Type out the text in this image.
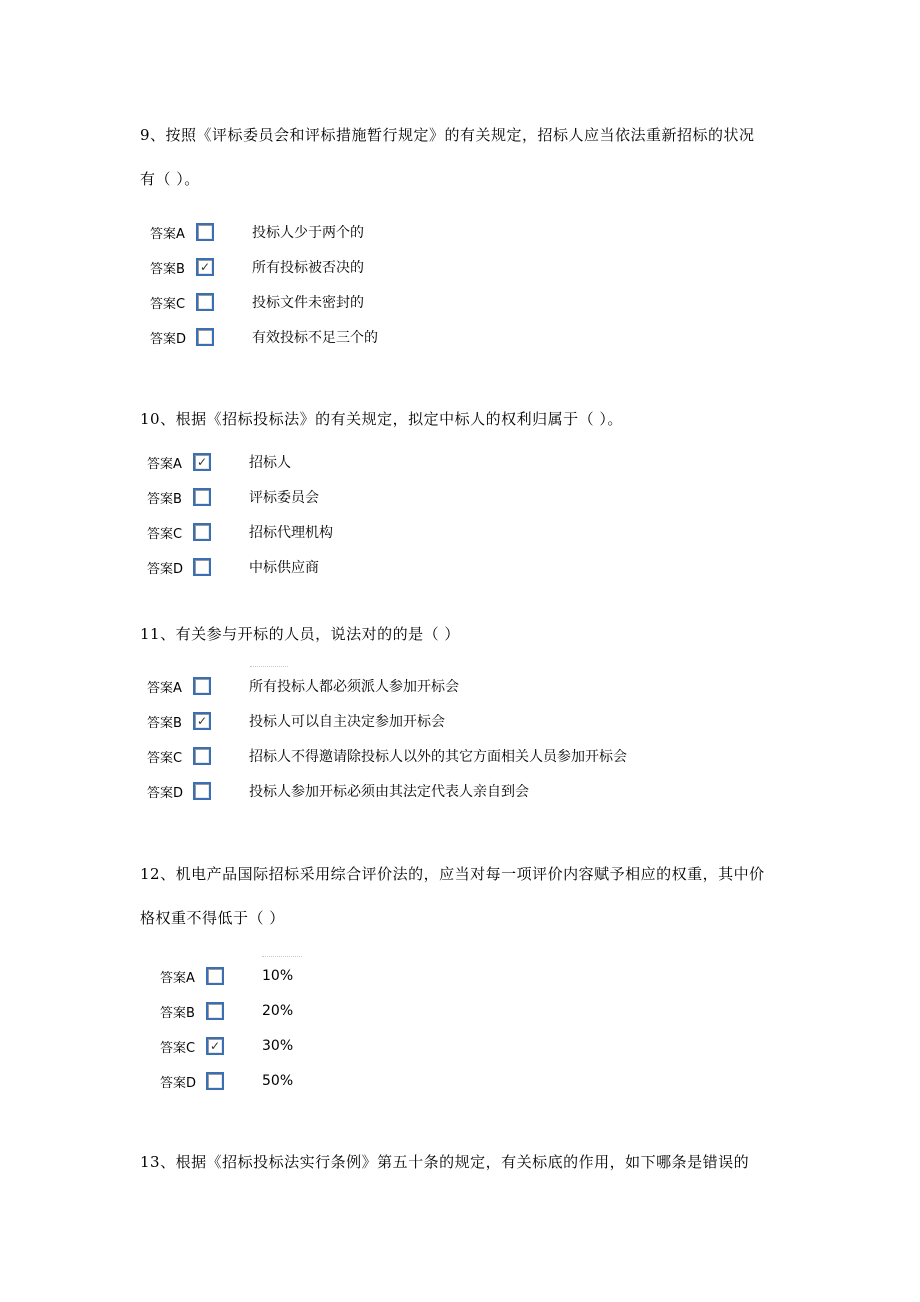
9、按照《评标委员会和评标措施暂行规定》的有关规定，招标人应当依法重新招标的状况
有（ ）。
答案A	投标人少于两个的
答案B	✓	所有投标被否决的
答案C	投标文件未密封的
答案D	有效投标不足三个的
10、根据《招标投标法》的有关规定，拟定中标人的权利归属于（ ）。
答案A	✓	招标人
答案B	评标委员会
答案C	招标代理机构
答案D	中标供应商
11、有关参与开标的人员，说法对的的是（ ）
答案A	所有投标人都必须派人参加开标会
答案B	✓	投标人可以自主决定参加开标会
答案C	招标人不得邀请除投标人以外的其它方面相关人员参加开标会
答案D	投标人参加开标必须由其法定代表人亲自到会
12、机电产品国际招标采用综合评价法的，应当对每一项评价内容赋予相应的权重，其中价
格权重不得低于（ ）
答案A	10%
答案B	20%
答案C	✓	30%
答案D	50%
13、根据《招标投标法实行条例》第五十条的规定，有关标底的作用，如下哪条是错误的
